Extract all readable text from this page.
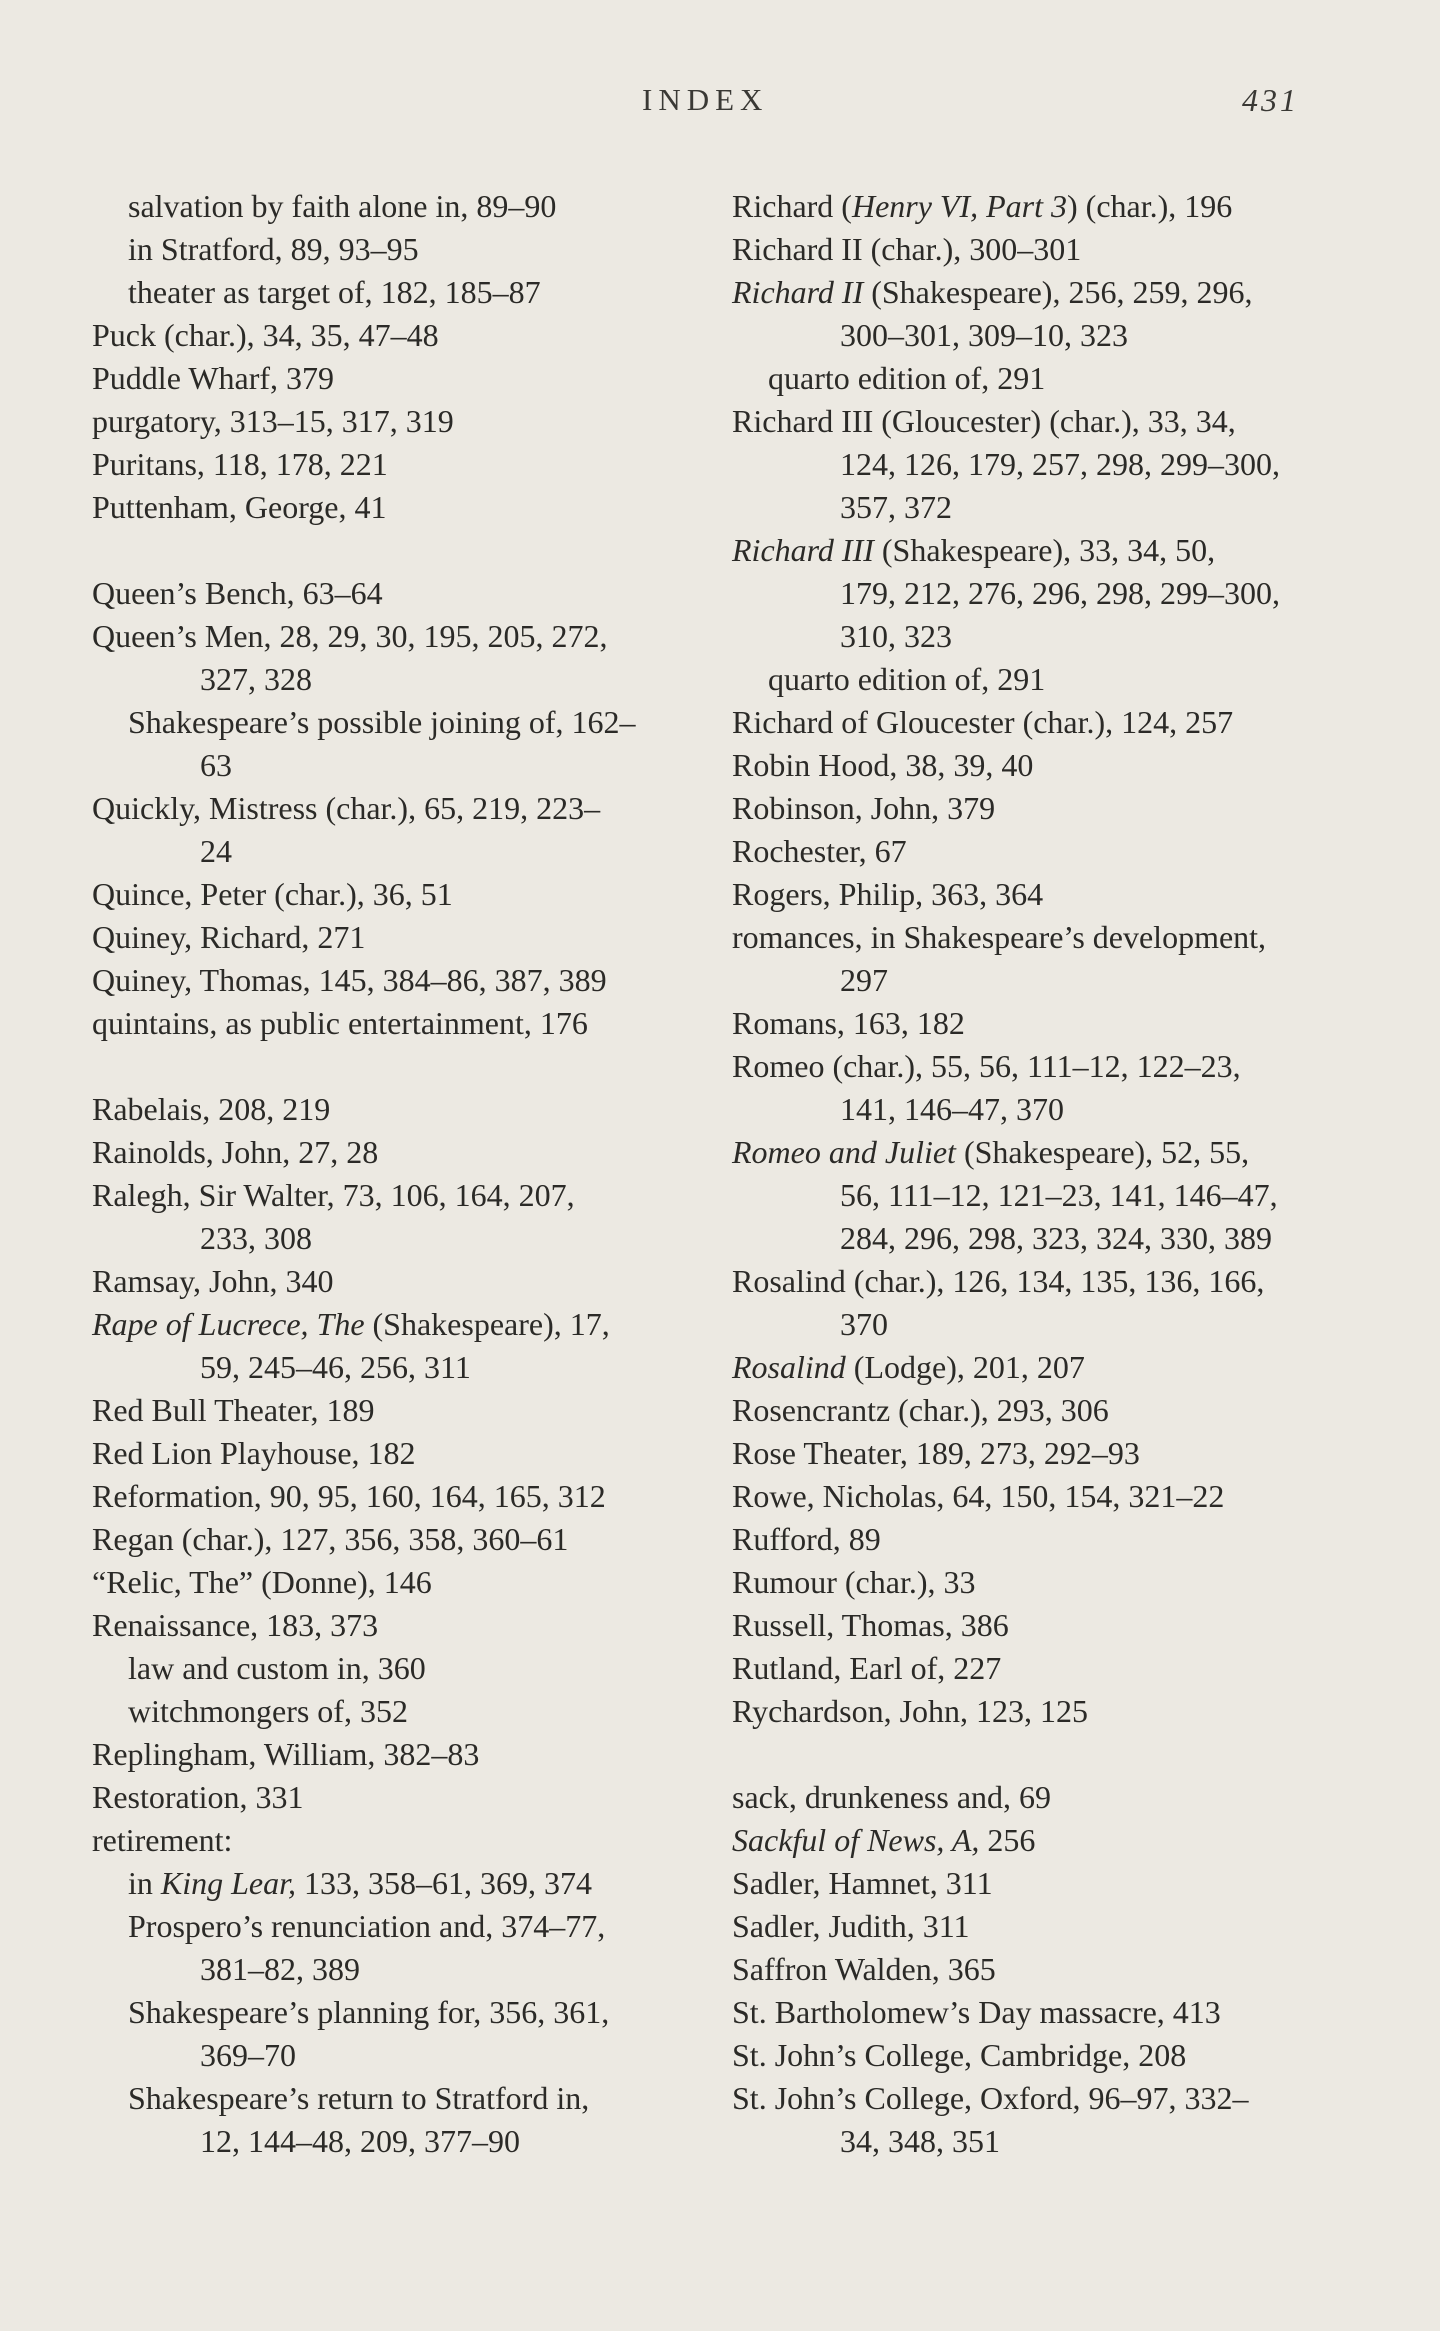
INDEX	431
salvation by faith alone in, 89–90
in Stratford, 89, 93–95
theater as target of, 182, 185–87
Puck (char.), 34, 35, 47–48
Puddle Wharf, 379
purgatory, 313–15, 317, 319
Puritans, 118, 178, 221
Puttenham, George, 41
Queen’s Bench, 63–64
Queen’s Men, 28, 29, 30, 195, 205, 272,
327, 328
Shakespeare’s possible joining of, 162–
63
Quickly, Mistress (char.), 65, 219, 223–
24
Quince, Peter (char.), 36, 51
Quiney, Richard, 271
Quiney, Thomas, 145, 384–86, 387, 389
quintains, as public entertainment, 176
Rabelais, 208, 219
Rainolds, John, 27, 28
Ralegh, Sir Walter, 73, 106, 164, 207,
233, 308
Ramsay, John, 340
Rape of Lucrece, The (Shakespeare), 17,
59, 245–46, 256, 311
Red Bull Theater, 189
Red Lion Playhouse, 182
Reformation, 90, 95, 160, 164, 165, 312
Regan (char.), 127, 356, 358, 360–61
“Relic, The” (Donne), 146
Renaissance, 183, 373
law and custom in, 360
witchmongers of, 352
Replingham, William, 382–83
Restoration, 331
retirement:
in King Lear, 133, 358–61, 369, 374
Prospero’s renunciation and, 374–77,
381–82, 389
Shakespeare’s planning for, 356, 361,
369–70
Shakespeare’s return to Stratford in,
12, 144–48, 209, 377–90
Richard (Henry VI, Part 3) (char.), 196
Richard II (char.), 300–301
Richard II (Shakespeare), 256, 259, 296,
300–301, 309–10, 323
quarto edition of, 291
Richard III (Gloucester) (char.), 33, 34,
124, 126, 179, 257, 298, 299–300,
357, 372
Richard III (Shakespeare), 33, 34, 50,
179, 212, 276, 296, 298, 299–300,
310, 323
quarto edition of, 291
Richard of Gloucester (char.), 124, 257
Robin Hood, 38, 39, 40
Robinson, John, 379
Rochester, 67
Rogers, Philip, 363, 364
romances, in Shakespeare’s development,
297
Romans, 163, 182
Romeo (char.), 55, 56, 111–12, 122–23,
141, 146–47, 370
Romeo and Juliet (Shakespeare), 52, 55,
56, 111–12, 121–23, 141, 146–47,
284, 296, 298, 323, 324, 330, 389
Rosalind (char.), 126, 134, 135, 136, 166,
370
Rosalind (Lodge), 201, 207
Rosencrantz (char.), 293, 306
Rose Theater, 189, 273, 292–93
Rowe, Nicholas, 64, 150, 154, 321–22
Rufford, 89
Rumour (char.), 33
Russell, Thomas, 386
Rutland, Earl of, 227
Rychardson, John, 123, 125
sack, drunkeness and, 69
Sackful of News, A, 256
Sadler, Hamnet, 311
Sadler, Judith, 311
Saffron Walden, 365
St. Bartholomew’s Day massacre, 413
St. John’s College, Cambridge, 208
St. John’s College, Oxford, 96–97, 332–
34, 348, 351
